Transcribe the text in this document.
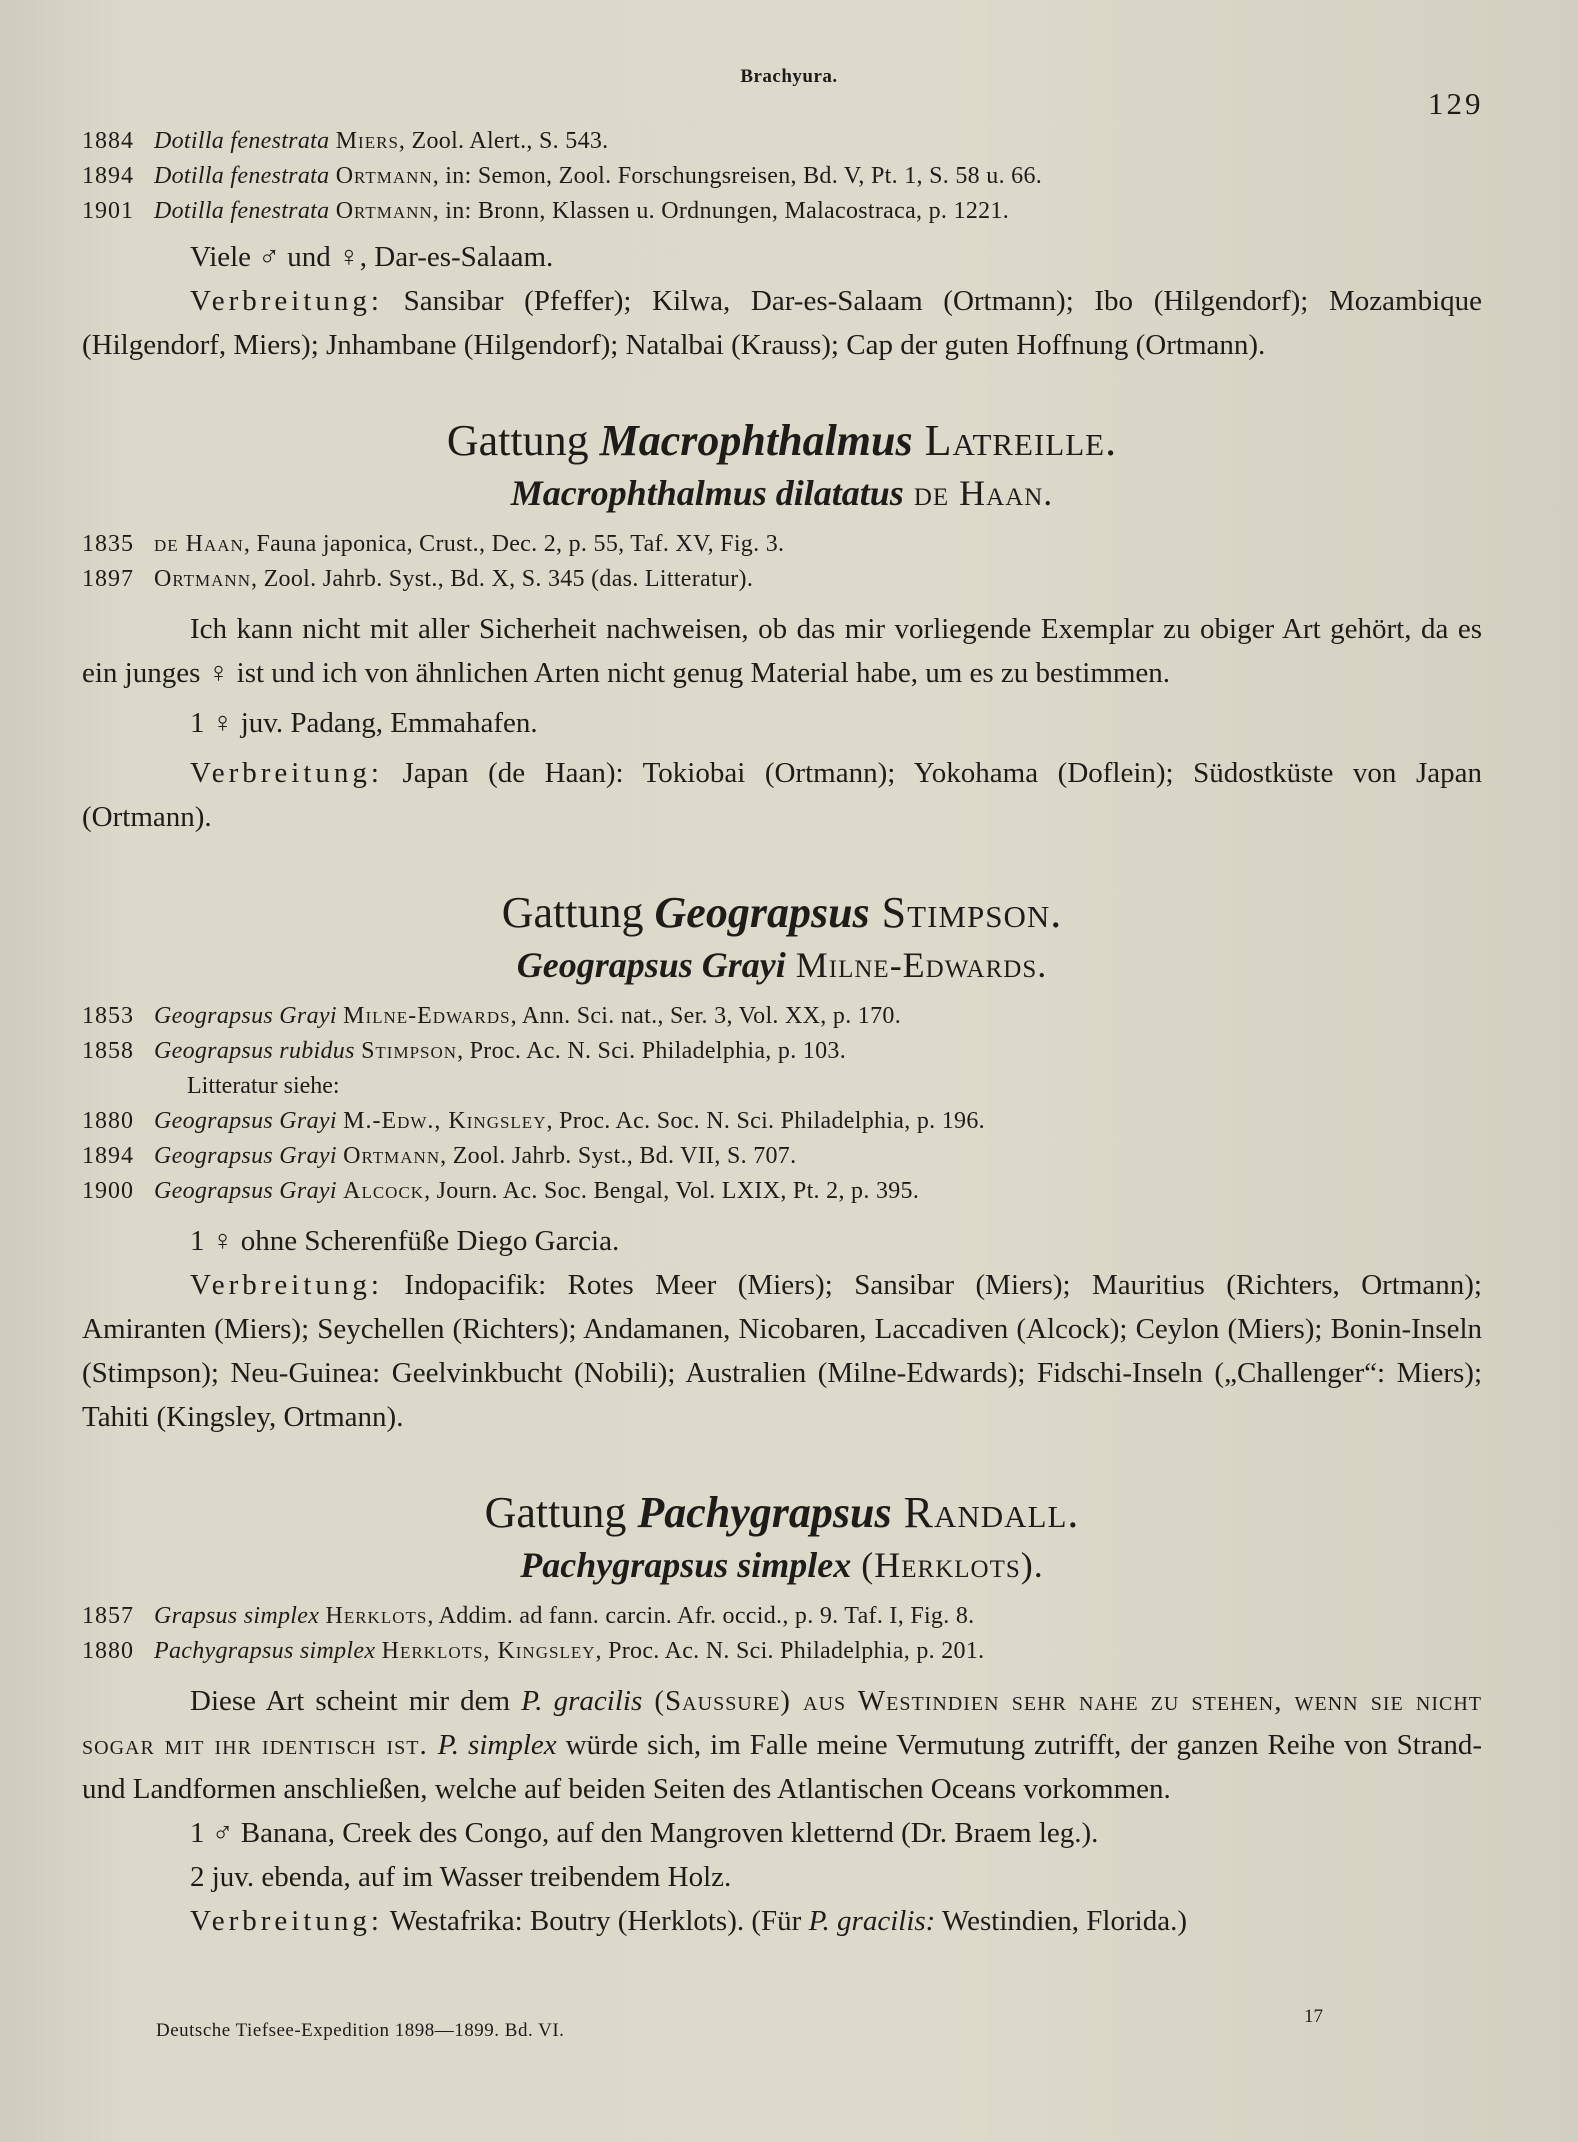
Brachyura.
129
1884 Dotilla fenestrata Miers, Zool. Alert., S. 543.
1894 Dotilla fenestrata Ortmann, in: Semon, Zool. Forschungsreisen, Bd. V, Pt. 1, S. 58 u. 66.
1901 Dotilla fenestrata Ortmann, in: Bronn, Klassen u. Ordnungen, Malacostraca, p. 1221.

Viele ♂ und ♀, Dar-es-Salaam.

Verbreitung: Sansibar (Pfeffer); Kilwa, Dar-es-Salaam (Ortmann); Ibo (Hilgendorf); Mozambique (Hilgendorf, Miers); Jnhambane (Hilgendorf); Natalbai (Krauss); Cap der guten Hoffnung (Ortmann).

Gattung Macrophthalmus Latreille.
Macrophthalmus dilatatus de Haan.
1835 de Haan, Fauna japonica, Crust., Dec. 2, p. 55, Taf. XV, Fig. 3.
1897 Ortmann, Zool. Jahrb. Syst., Bd. X, S. 345 (das. Litteratur).

Ich kann nicht mit aller Sicherheit nachweisen, ob das mir vorliegende Exemplar zu obiger Art gehört, da es ein junges ♀ ist und ich von ähnlichen Arten nicht genug Material habe, um es zu bestimmen.

1 ♀ juv. Padang, Emmahafen.

Verbreitung: Japan (de Haan): Tokiobai (Ortmann); Yokohama (Doflein); Südostküste von Japan (Ortmann).

Gattung Geograpsus Stimpson.
Geograpsus Grayi Milne-Edwards.
1853 Geograpsus Grayi Milne-Edwards, Ann. Sci. nat., Ser. 3, Vol. XX, p. 170.
1858 Geograpsus rubidus Stimpson, Proc. Ac. N. Sci. Philadelphia, p. 103.
Litteratur siehe:
1880 Geograpsus Grayi M.-Edw., Kingsley, Proc. Ac. Soc. N. Sci. Philadelphia, p. 196.
1894 Geograpsus Grayi Ortmann, Zool. Jahrb. Syst., Bd. VII, S. 707.
1900 Geograpsus Grayi Alcock, Journ. Ac. Soc. Bengal, Vol. LXIX, Pt. 2, p. 395.

1 ♀ ohne Scherenfüße Diego Garcia.

Verbreitung: Indopacifik: Rotes Meer (Miers); Sansibar (Miers); Mauritius (Richters, Ortmann); Amiranten (Miers); Seychellen (Richters); Andamanen, Nicobaren, Laccadiven (Alcock); Ceylon (Miers); Bonin-Inseln (Stimpson); Neu-Guinea: Geelvinkbucht (Nobili); Australien (Milne-Edwards); Fidschi-Inseln („Challenger“: Miers); Tahiti (Kingsley, Ortmann).

Gattung Pachygrapsus Randall.
Pachygrapsus simplex (Herklots).
1857 Grapsus simplex Herklots, Addim. ad fann. carcin. Afr. occid., p. 9. Taf. I, Fig. 8.
1880 Pachygrapsus simplex Herklots, Kingsley, Proc. Ac. N. Sci. Philadelphia, p. 201.

Diese Art scheint mir dem P. gracilis (Saussure) aus Westindien sehr nahe zu stehen, wenn sie nicht sogar mit ihr identisch ist. P. simplex würde sich, im Falle meine Vermutung zutrifft, der ganzen Reihe von Strand- und Landformen anschließen, welche auf beiden Seiten des Atlantischen Oceans vorkommen.

1 ♂ Banana, Creek des Congo, auf den Mangroven kletternd (Dr. Braem leg.).

2 juv. ebenda, auf im Wasser treibendem Holz.

Verbreitung: Westafrika: Boutry (Herklots). (Für P. gracilis: Westindien, Florida.)

Deutsche Tiefsee-Expedition 1898—1899. Bd. VI.
17
